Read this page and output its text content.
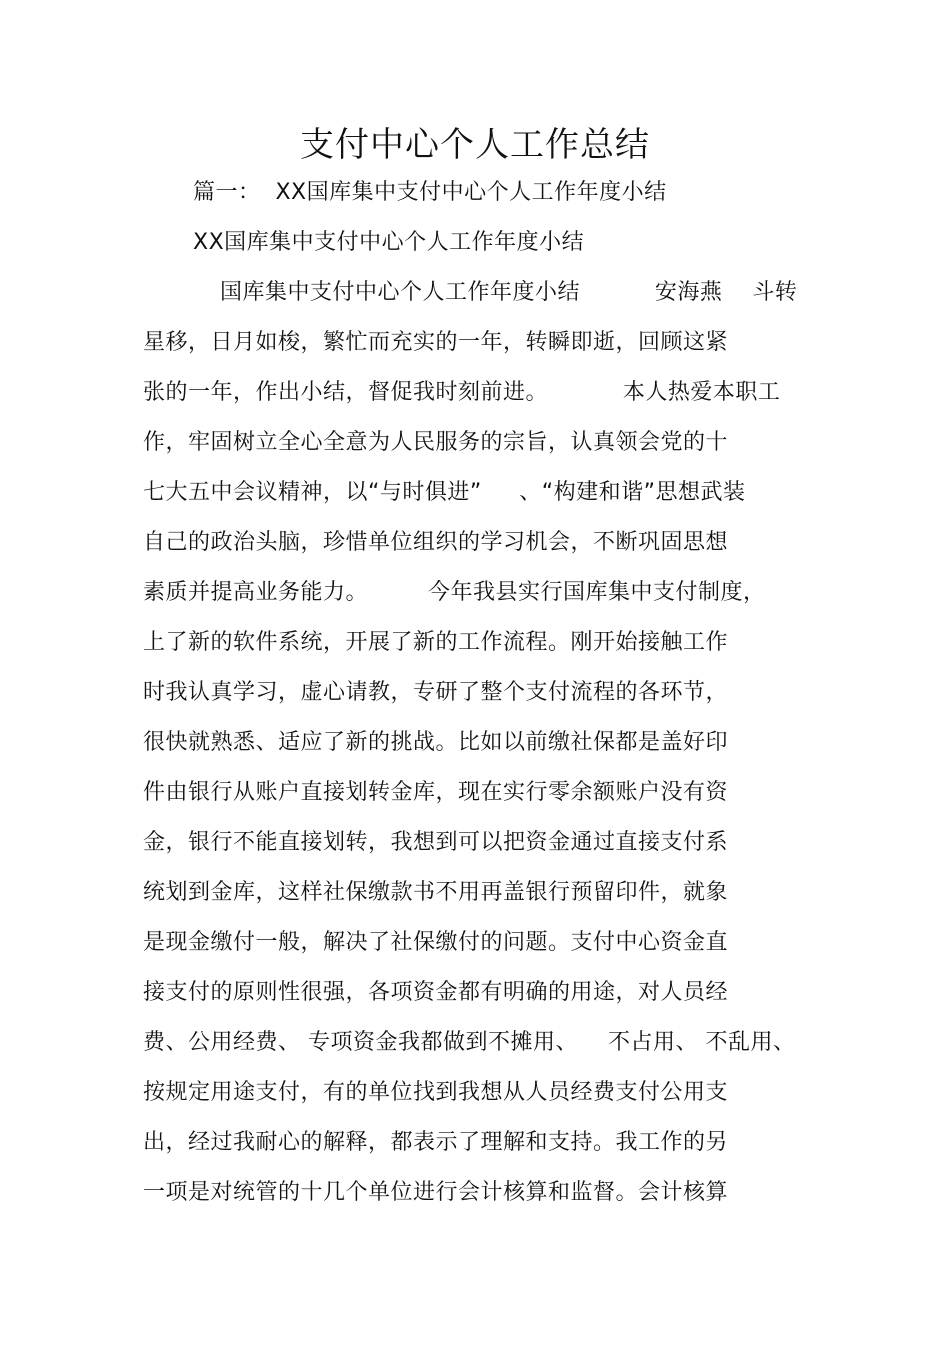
支付中心个人工作总结
篇一：  XX国库集中支付中心个人工作年度小结
XX国库集中支付中心个人工作年度小结
国库集中支付中心个人工作年度小结          安海燕    斗转
星移，日月如梭，繁忙而充实的一年，转瞬即逝，回顾这紧
张的一年，作出小结，督促我时刻前进。          本人热爱本职工
作，牢固树立全心全意为人民服务的宗旨，认真领会党的十
七大五中会议精神，以“与时俱进”     、“构建和谐”思想武装
自己的政治头脑，珍惜单位组织的学习机会，不断巩固思想
素质并提高业务能力。        今年我县实行国库集中支付制度，
上了新的软件系统，开展了新的工作流程。刚开始接触工作
时我认真学习，虚心请教，专研了整个支付流程的各环节，
很快就熟悉、适应了新的挑战。比如以前缴社保都是盖好印
件由银行从账户直接划转金库，现在实行零余额账户没有资
金，银行不能直接划转，我想到可以把资金通过直接支付系
统划到金库，这样社保缴款书不用再盖银行预留印件，就象
是现金缴付一般，解决了社保缴付的问题。支付中心资金直
接支付的原则性很强，各项资金都有明确的用途，对人员经
费、公用经费、 专项资金我都做到不摊用、    不占用、 不乱用、
按规定用途支付，有的单位找到我想从人员经费支付公用支
出，经过我耐心的解释，都表示了理解和支持。我工作的另
一项是对统管的十几个单位进行会计核算和监督。会计核算
